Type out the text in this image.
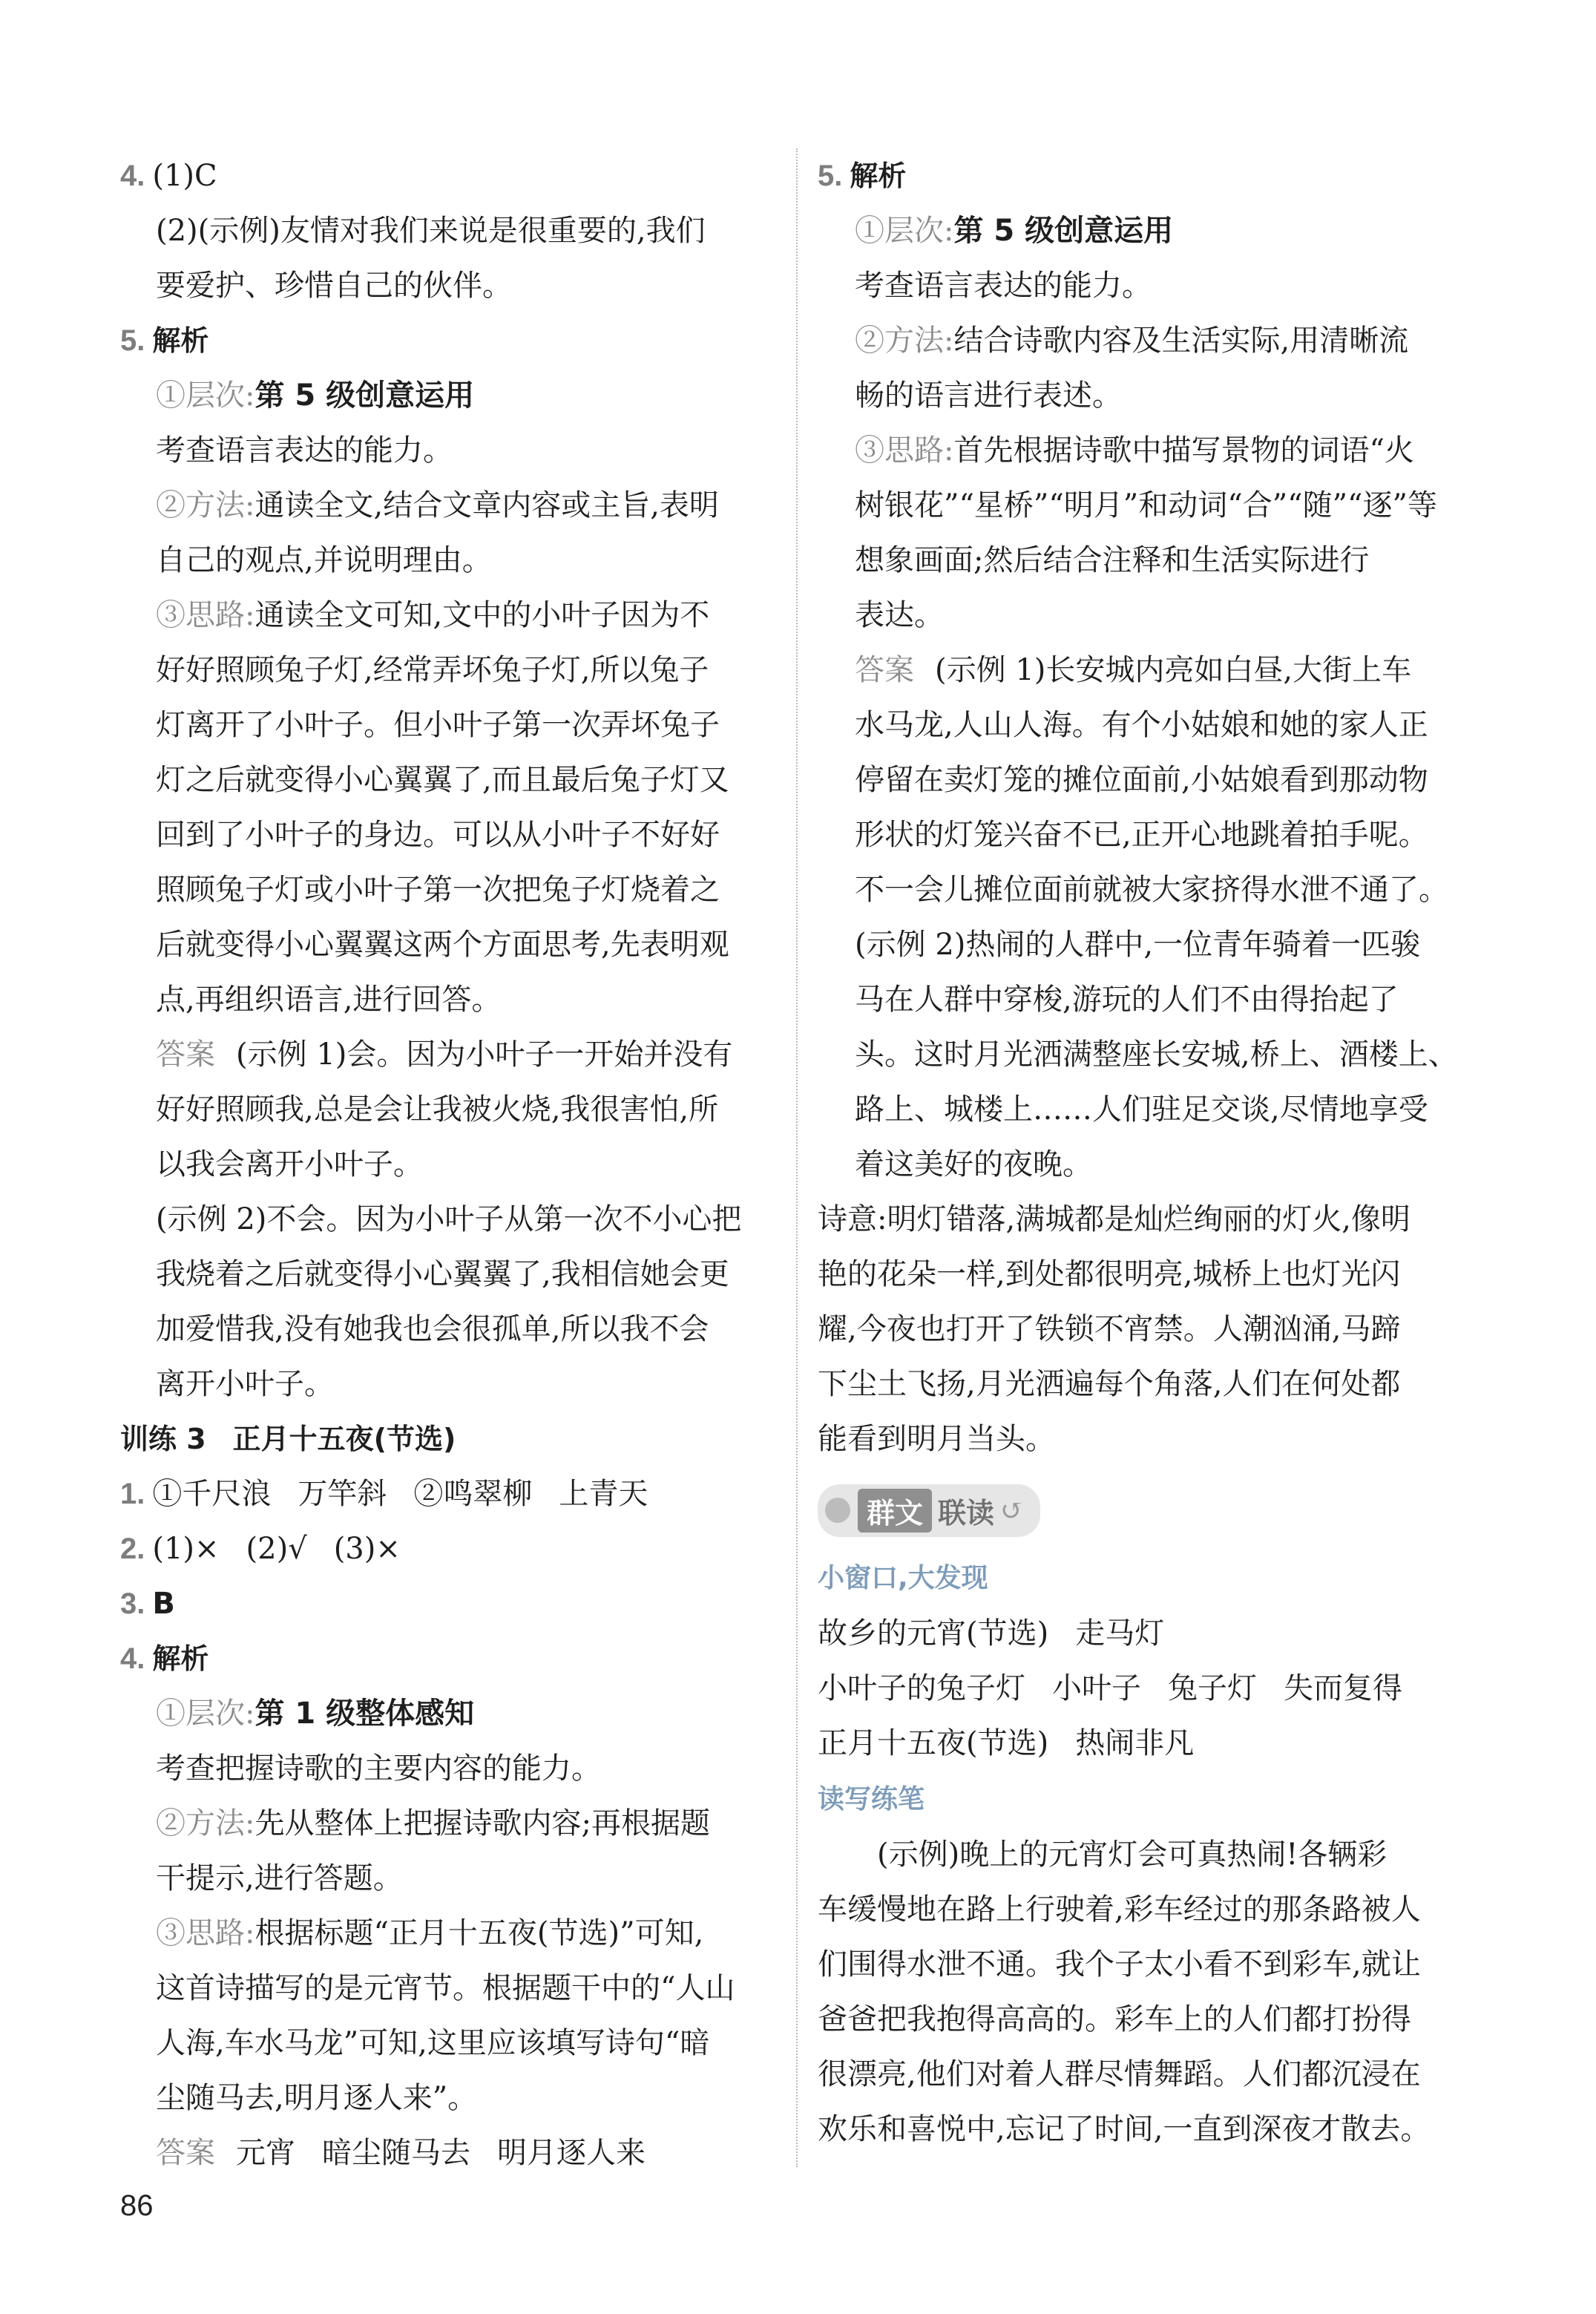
4. (1)C
(2)(示例)友情对我们来说是很重要的,我们
要爱护、珍惜自己的伙伴。
5. 解析
①层次:第 5 级创意运用
考查语言表达的能力。
②方法:通读全文,结合文章内容或主旨,表明
自己的观点,并说明理由。
③思路:通读全文可知,文中的小叶子因为不
好好照顾兔子灯,经常弄坏兔子灯,所以兔子
灯离开了小叶子。但小叶子第一次弄坏兔子
灯之后就变得小心翼翼了,而且最后兔子灯又
回到了小叶子的身边。可以从小叶子不好好
照顾兔子灯或小叶子第一次把兔子灯烧着之
后就变得小心翼翼这两个方面思考,先表明观
点,再组织语言,进行回答。
答案 (示例 1)会。因为小叶子一开始并没有
好好照顾我,总是会让我被火烧,我很害怕,所
以我会离开小叶子。
(示例 2)不会。因为小叶子从第一次不小心把
我烧着之后就变得小心翼翼了,我相信她会更
加爱惜我,没有她我也会很孤单,所以我不会
离开小叶子。
训练 3 正月十五夜(节选)
1. ①千尺浪 万竿斜 ②鸣翠柳 上青天
2. (1)× (2)√ (3)×
3. B
4. 解析
①层次:第 1 级整体感知
考查把握诗歌的主要内容的能力。
②方法:先从整体上把握诗歌内容;再根据题
干提示,进行答题。
③思路:根据标题“正月十五夜(节选)”可知,
这首诗描写的是元宵节。根据题干中的“人山
人海,车水马龙”可知,这里应该填写诗句“暗
尘随马去,明月逐人来”。
答案 元宵 暗尘随马去 明月逐人来
5. 解析
①层次:第 5 级创意运用
考查语言表达的能力。
②方法:结合诗歌内容及生活实际,用清晰流
畅的语言进行表述。
③思路:首先根据诗歌中描写景物的词语“火
树银花”“星桥”“明月”和动词“合”“随”“逐”等
想象画面;然后结合注释和生活实际进行
表达。
答案 (示例 1)长安城内亮如白昼,大街上车
水马龙,人山人海。有个小姑娘和她的家人正
停留在卖灯笼的摊位面前,小姑娘看到那动物
形状的灯笼兴奋不已,正开心地跳着拍手呢。
不一会儿摊位面前就被大家挤得水泄不通了。
(示例 2)热闹的人群中,一位青年骑着一匹骏
马在人群中穿梭,游玩的人们不由得抬起了
头。这时月光洒满整座长安城,桥上、酒楼上、
路上、城楼上……人们驻足交谈,尽情地享受
着这美好的夜晚。
诗意:明灯错落,满城都是灿烂绚丽的灯火,像明
艳的花朵一样,到处都很明亮,城桥上也灯光闪
耀,今夜也打开了铁锁不宵禁。人潮汹涌,马蹄
下尘土飞扬,月光洒遍每个角落,人们在何处都
能看到明月当头。
群文 联读 ↺
小窗口,大发现
故乡的元宵(节选) 走马灯
小叶子的兔子灯 小叶子 兔子灯 失而复得
正月十五夜(节选) 热闹非凡
读写练笔
(示例)晚上的元宵灯会可真热闹!各辆彩
车缓慢地在路上行驶着,彩车经过的那条路被人
们围得水泄不通。我个子太小看不到彩车,就让
爸爸把我抱得高高的。彩车上的人们都打扮得
很漂亮,他们对着人群尽情舞蹈。人们都沉浸在
欢乐和喜悦中,忘记了时间,一直到深夜才散去。
86
